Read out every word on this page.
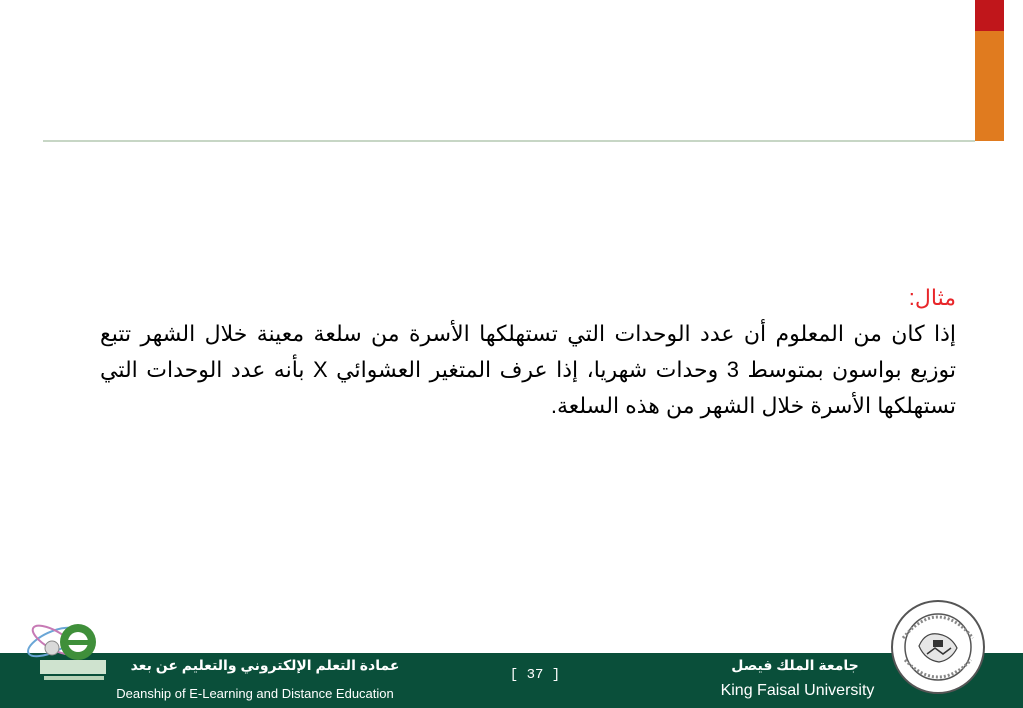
مثال:

إذا كان من المعلوم أن عدد الوحدات التي تستهلكها الأسرة من سلعة معينة خلال الشهر تتبع توزيع بواسون بمتوسط 3 وحدات شهريا، إذا عرف المتغير العشوائي X بأنه عدد الوحدات التي تستهلكها الأسرة خلال الشهر من هذه السلعة.

عمادة التعلم الإلكتروني والتعليم عن بعد
Deanship of E-Learning and Distance Education
[ 37 ]
جامعة الملك فيصل
King Faisal University
